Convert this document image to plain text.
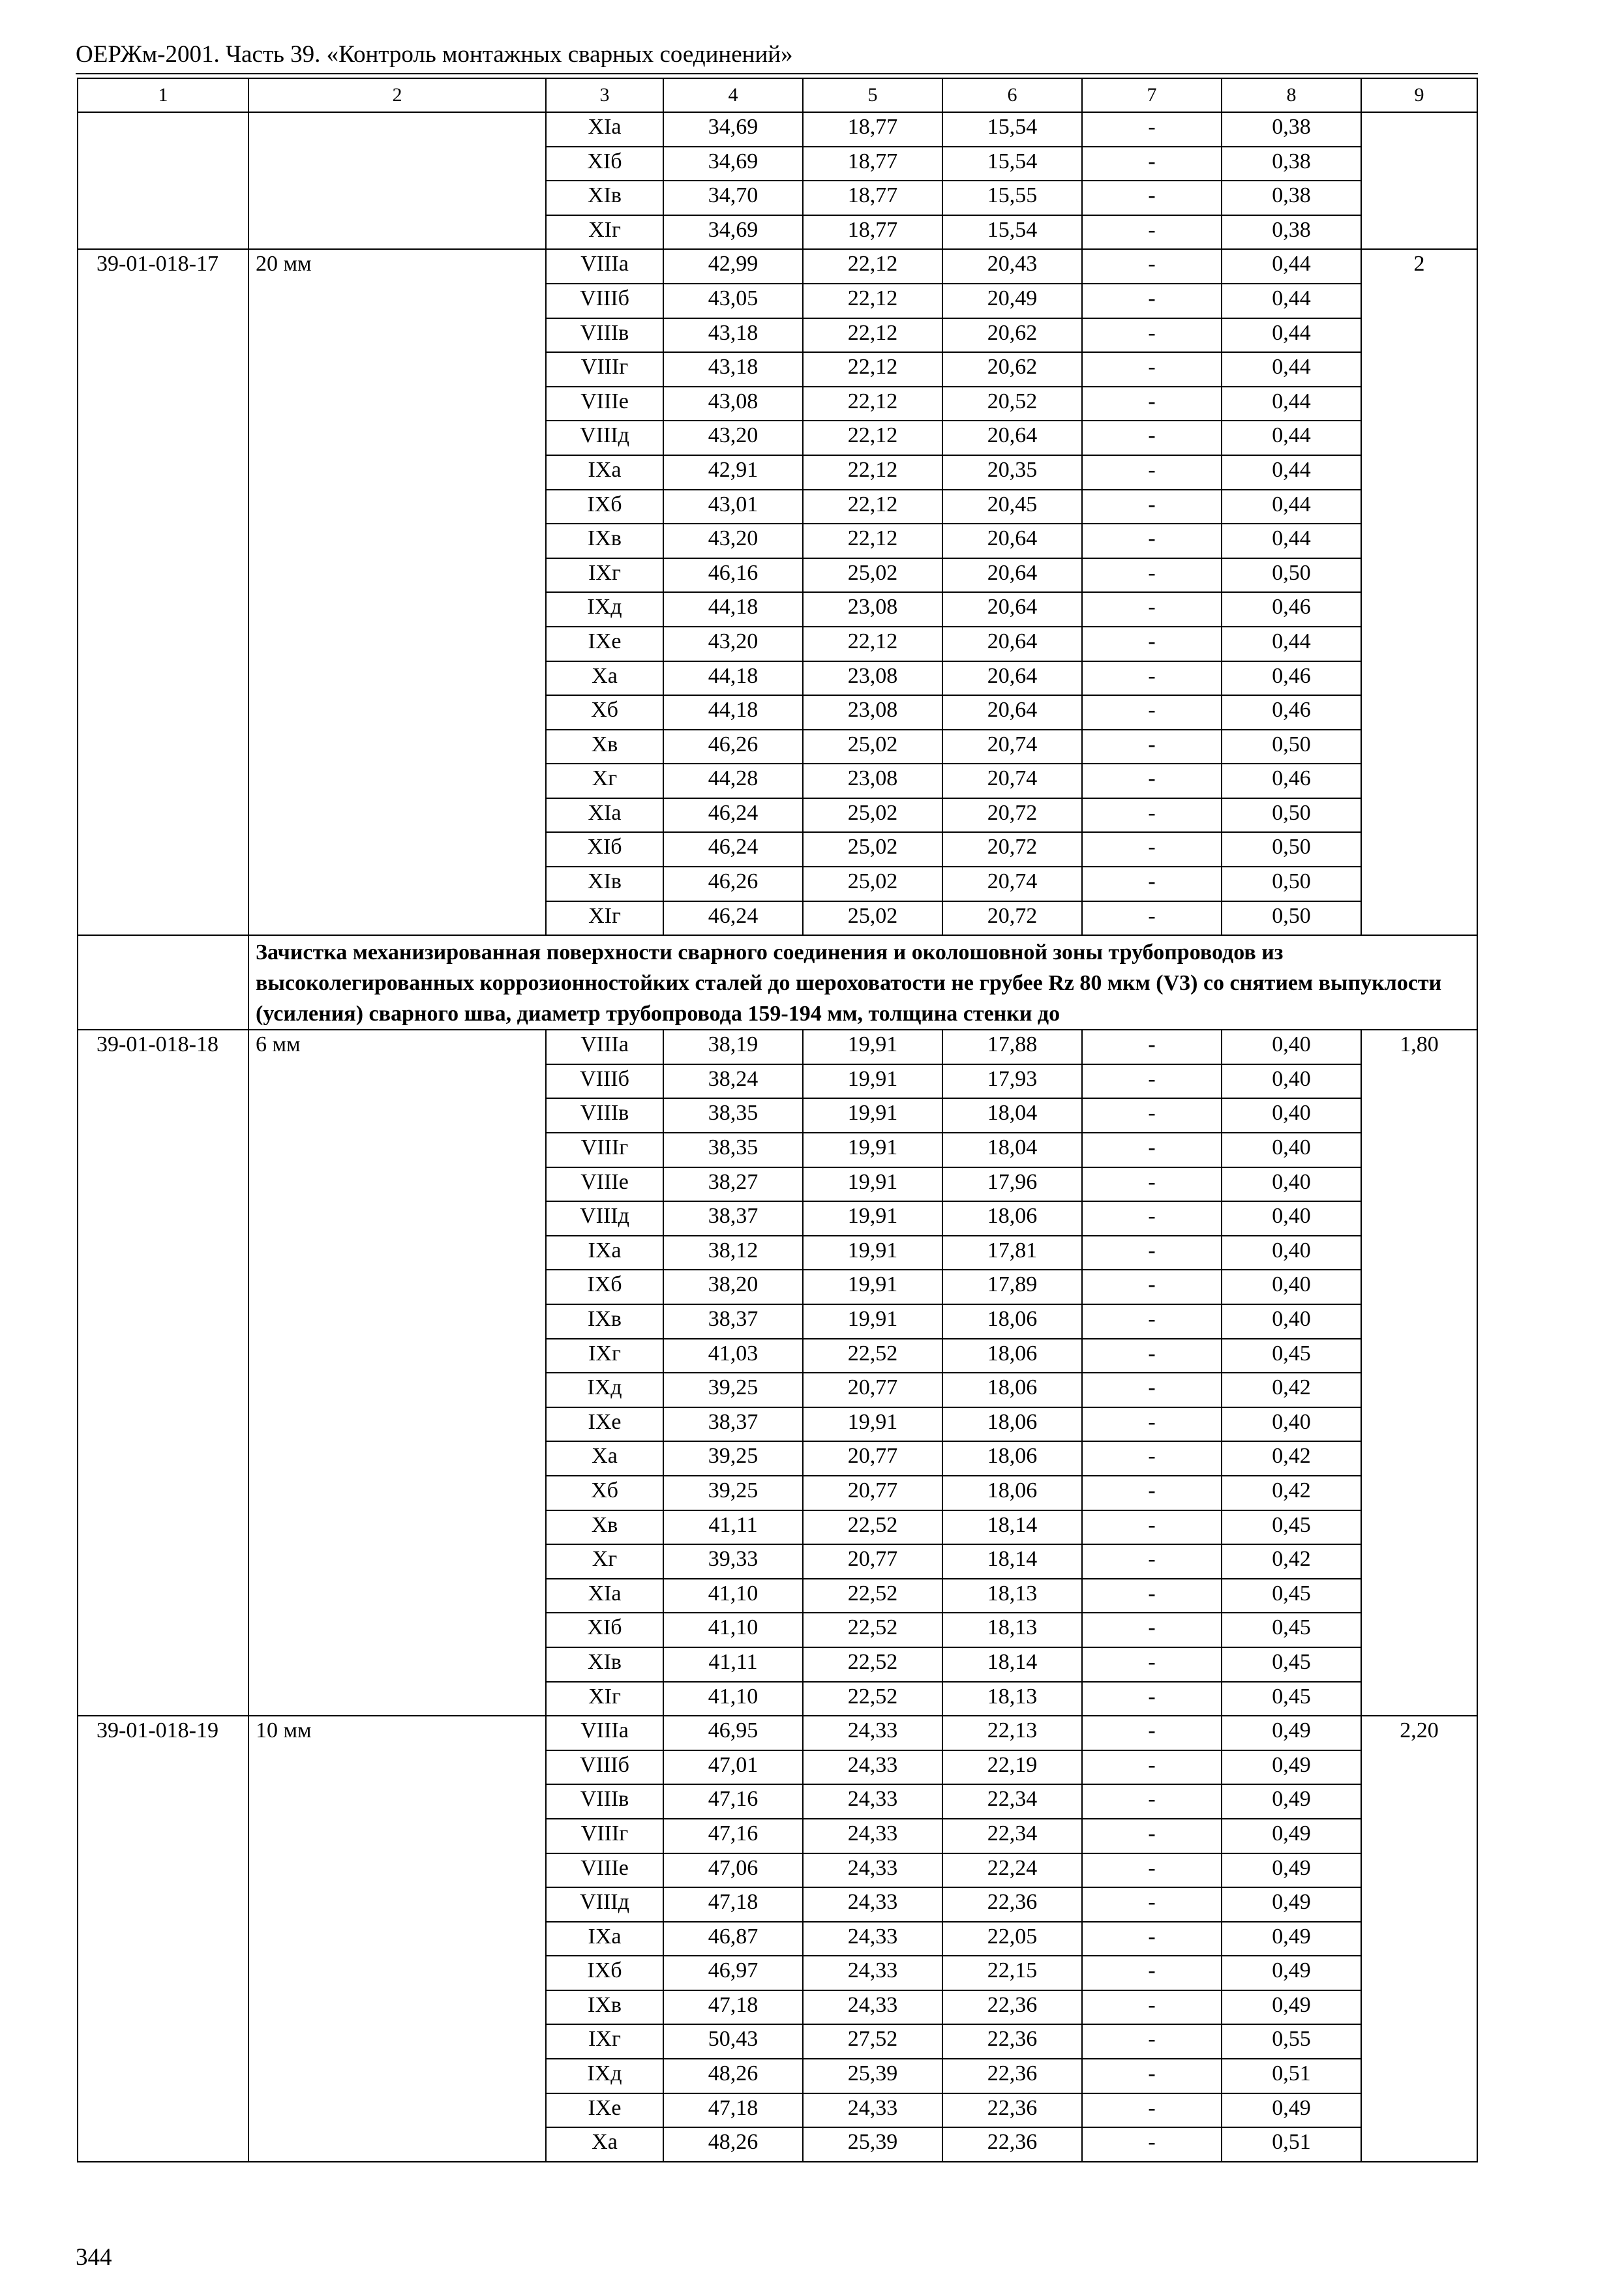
ОЕРЖм-2001. Часть 39. «Контроль монтажных сварных соединений»
1	2	3	4	5	6	7	8	9
		XIа	34,69	18,77	15,54	-	0,38	
		XIб	34,69	18,77	15,54	-	0,38	
		XIв	34,70	18,77	15,55	-	0,38	
		XIг	34,69	18,77	15,54	-	0,38	
39-01-018-17	20 мм	VIIIа	42,99	22,12	20,43	-	0,44	2
		VIIIб	43,05	22,12	20,49	-	0,44	
		VIIIв	43,18	22,12	20,62	-	0,44	
		VIIIг	43,18	22,12	20,62	-	0,44	
		VIIIе	43,08	22,12	20,52	-	0,44	
		VIIIд	43,20	22,12	20,64	-	0,44	
		IXа	42,91	22,12	20,35	-	0,44	
		IXб	43,01	22,12	20,45	-	0,44	
		IXв	43,20	22,12	20,64	-	0,44	
		IXг	46,16	25,02	20,64	-	0,50	
		IXд	44,18	23,08	20,64	-	0,46	
		IXе	43,20	22,12	20,64	-	0,44	
		Xа	44,18	23,08	20,64	-	0,46	
		Xб	44,18	23,08	20,64	-	0,46	
		Xв	46,26	25,02	20,74	-	0,50	
		Xг	44,28	23,08	20,74	-	0,46	
		XIа	46,24	25,02	20,72	-	0,50	
		XIб	46,24	25,02	20,72	-	0,50	
		XIв	46,26	25,02	20,74	-	0,50	
		XIг	46,24	25,02	20,72	-	0,50	
	Зачистка механизированная поверхности сварного соединения и околошовной зоны трубопроводов из высоколегированных коррозионностойких сталей до шероховатости не грубее Rz 80 мкм (V3) со снятием выпуклости (усиления) сварного шва, диаметр трубопровода 159-194 мм, толщина стенки до							
39-01-018-18	6 мм	VIIIа	38,19	19,91	17,88	-	0,40	1,80
		VIIIб	38,24	19,91	17,93	-	0,40	
		VIIIв	38,35	19,91	18,04	-	0,40	
		VIIIг	38,35	19,91	18,04	-	0,40	
		VIIIе	38,27	19,91	17,96	-	0,40	
		VIIIд	38,37	19,91	18,06	-	0,40	
		IXа	38,12	19,91	17,81	-	0,40	
		IXб	38,20	19,91	17,89	-	0,40	
		IXв	38,37	19,91	18,06	-	0,40	
		IXг	41,03	22,52	18,06	-	0,45	
		IXд	39,25	20,77	18,06	-	0,42	
		IXе	38,37	19,91	18,06	-	0,40	
		Xа	39,25	20,77	18,06	-	0,42	
		Xб	39,25	20,77	18,06	-	0,42	
		Xв	41,11	22,52	18,14	-	0,45	
		Xг	39,33	20,77	18,14	-	0,42	
		XIа	41,10	22,52	18,13	-	0,45	
		XIб	41,10	22,52	18,13	-	0,45	
		XIв	41,11	22,52	18,14	-	0,45	
		XIг	41,10	22,52	18,13	-	0,45	
39-01-018-19	10 мм	VIIIа	46,95	24,33	22,13	-	0,49	2,20
		VIIIб	47,01	24,33	22,19	-	0,49	
		VIIIв	47,16	24,33	22,34	-	0,49	
		VIIIг	47,16	24,33	22,34	-	0,49	
		VIIIе	47,06	24,33	22,24	-	0,49	
		VIIIд	47,18	24,33	22,36	-	0,49	
		IXа	46,87	24,33	22,05	-	0,49	
		IXб	46,97	24,33	22,15	-	0,49	
		IXв	47,18	24,33	22,36	-	0,49	
		IXг	50,43	27,52	22,36	-	0,55	
		IXд	48,26	25,39	22,36	-	0,51	
		IXе	47,18	24,33	22,36	-	0,49	
		Xа	48,26	25,39	22,36	-	0,51	
344
